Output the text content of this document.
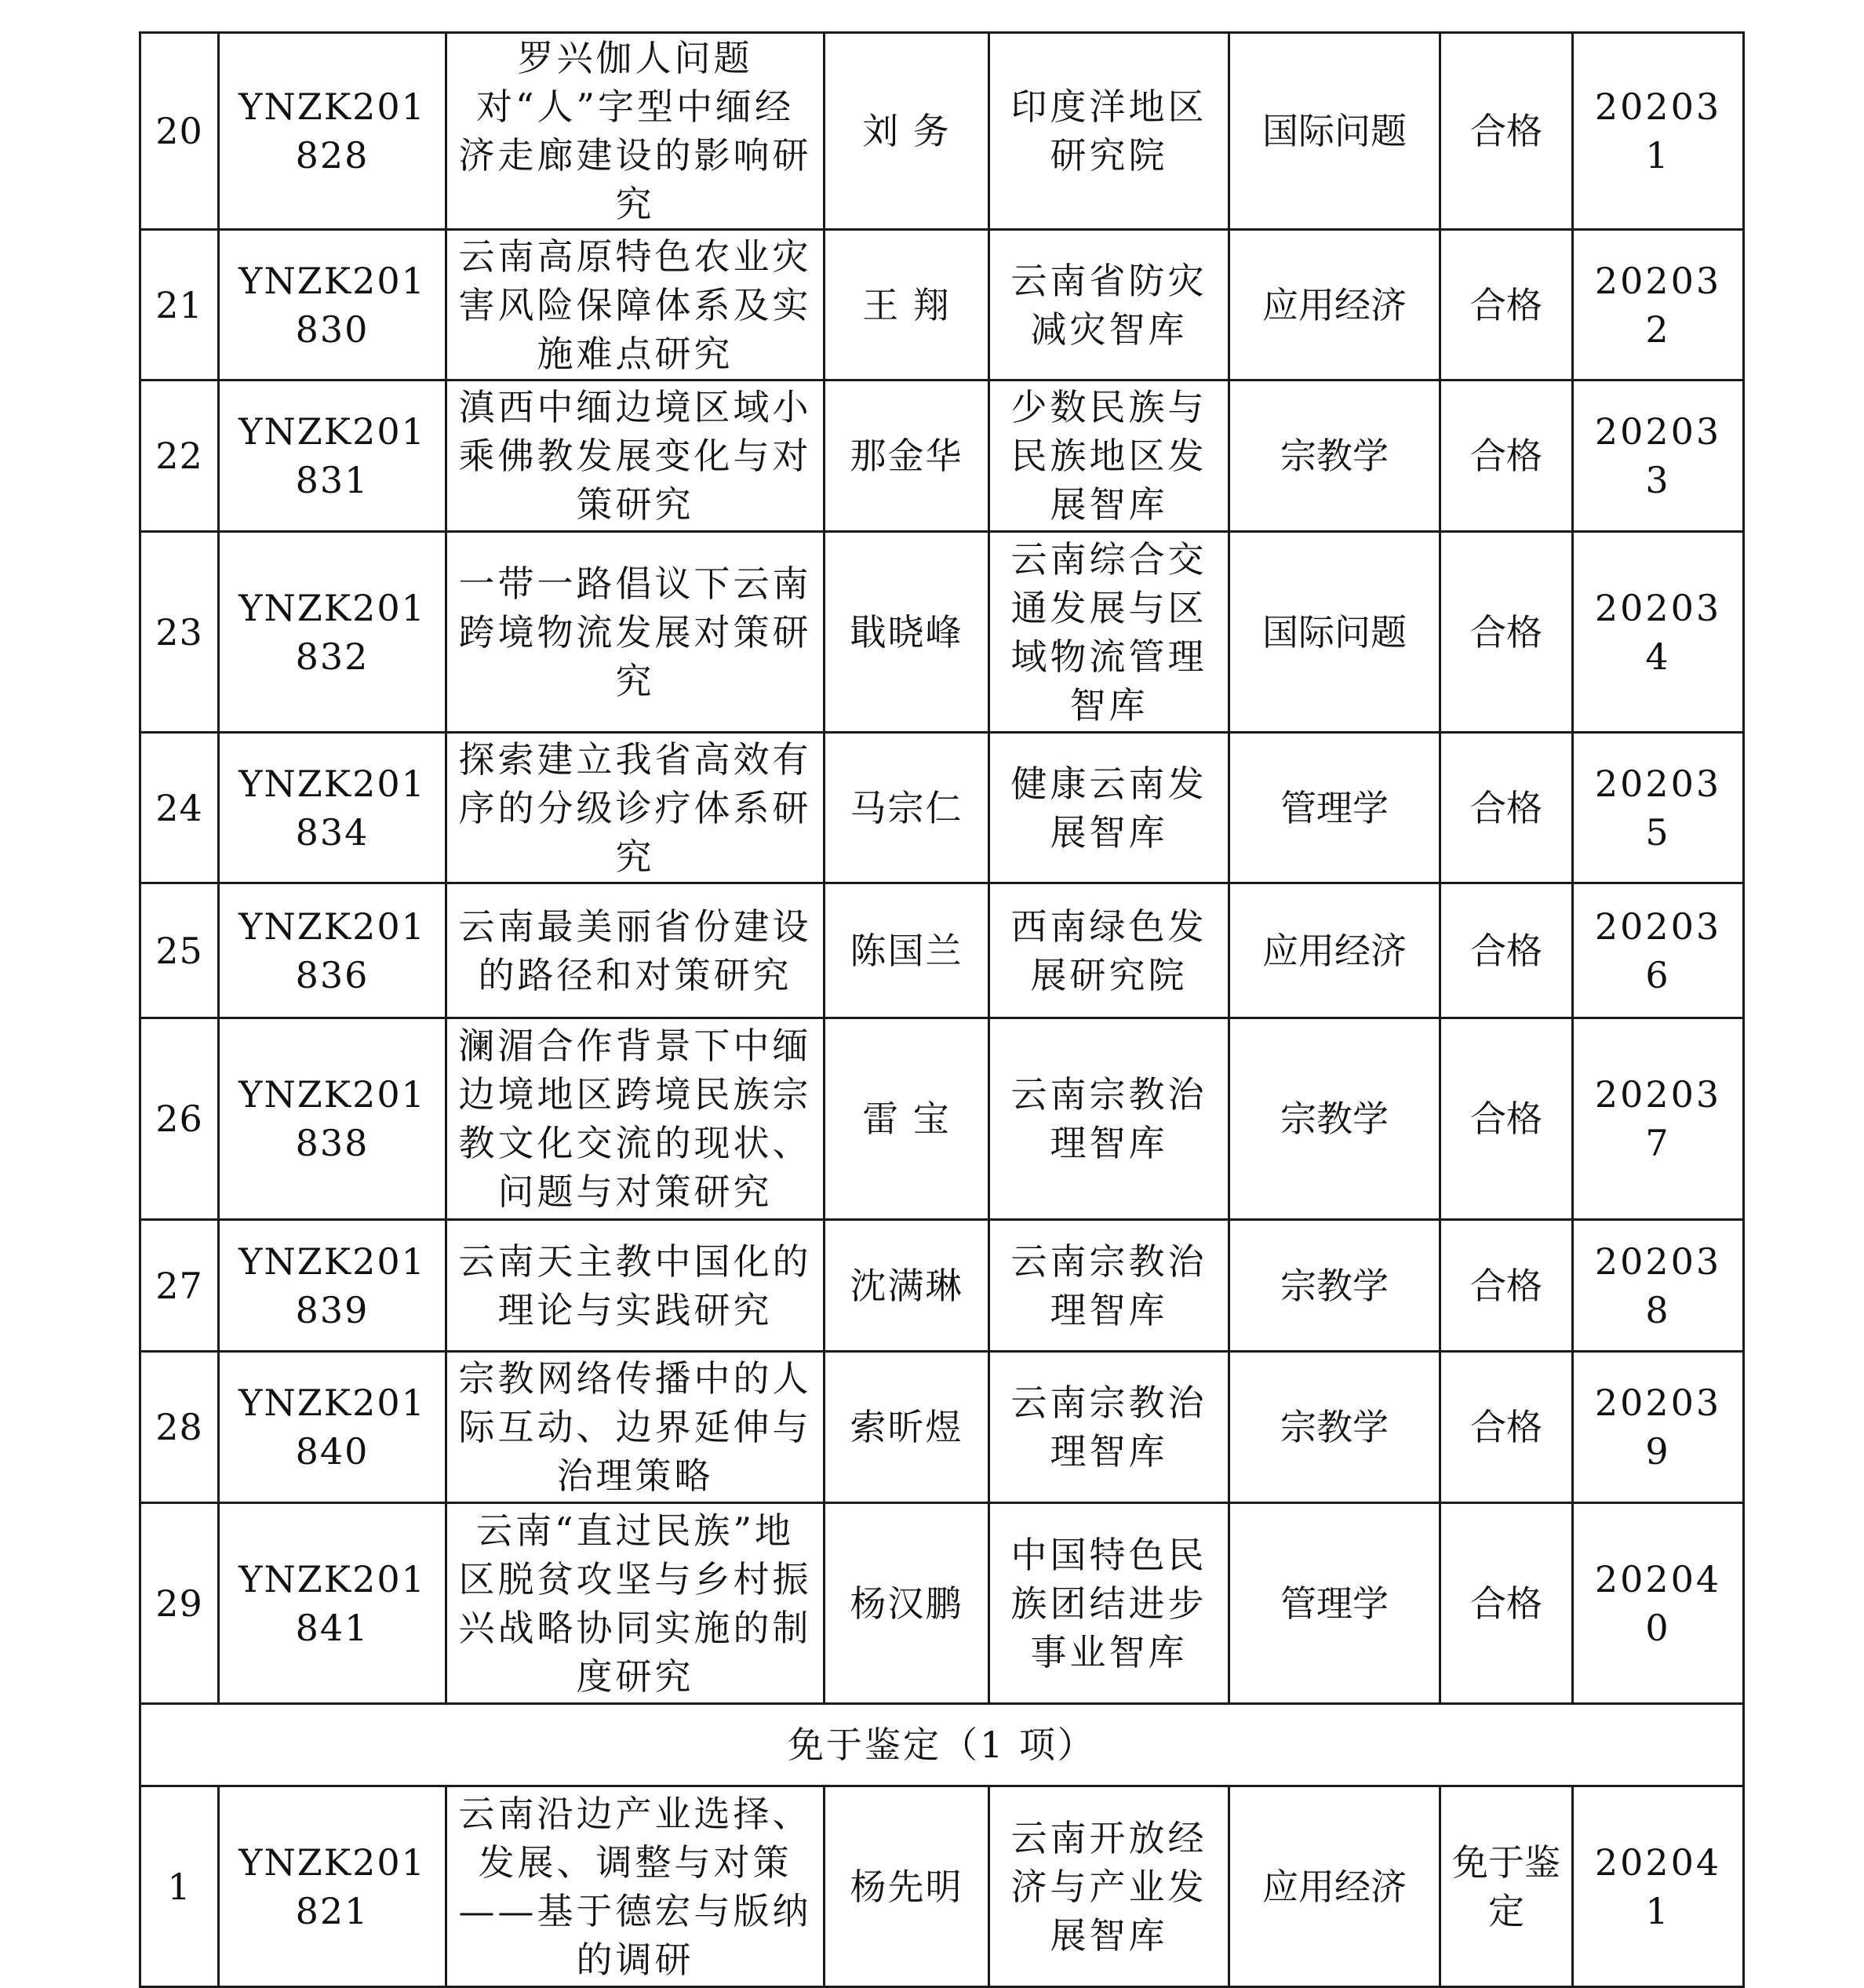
20	YNZK201828	罗兴伽人问题对“人”字型中缅经济走廊建设的影响研究	刘 务	印度洋地区研究院	国际问题	合格	202031
21	YNZK201830	云南高原特色农业灾害风险保障体系及实施难点研究	王 翔	云南省防灾减灾智库	应用经济	合格	202032
22	YNZK201831	滇西中缅边境区域小乘佛教发展变化与对策研究	那金华	少数民族与民族地区发展智库	宗教学	合格	202033
23	YNZK201832	一带一路倡议下云南跨境物流发展对策研究	戢晓峰	云南综合交通发展与区域物流管理智库	国际问题	合格	202034
24	YNZK201834	探索建立我省高效有序的分级诊疗体系研究	马宗仁	健康云南发展智库	管理学	合格	202035
25	YNZK201836	云南最美丽省份建设的路径和对策研究	陈国兰	西南绿色发展研究院	应用经济	合格	202036
26	YNZK201838	澜湄合作背景下中缅边境地区跨境民族宗教文化交流的现状、问题与对策研究	雷 宝	云南宗教治理智库	宗教学	合格	202037
27	YNZK201839	云南天主教中国化的理论与实践研究	沈满琳	云南宗教治理智库	宗教学	合格	202038
28	YNZK201840	宗教网络传播中的人际互动、边界延伸与治理策略	索昕煜	云南宗教治理智库	宗教学	合格	202039
29	YNZK201841	云南“直过民族”地区脱贫攻坚与乡村振兴战略协同实施的制度研究	杨汉鹏	中国特色民族团结进步事业智库	管理学	合格	202040
免于鉴定（1 项）							
1	YNZK201821	云南沿边产业选择、发展、调整与对策——基于德宏与版纳的调研	杨先明	云南开放经济与产业发展智库	应用经济	免于鉴定	202041
